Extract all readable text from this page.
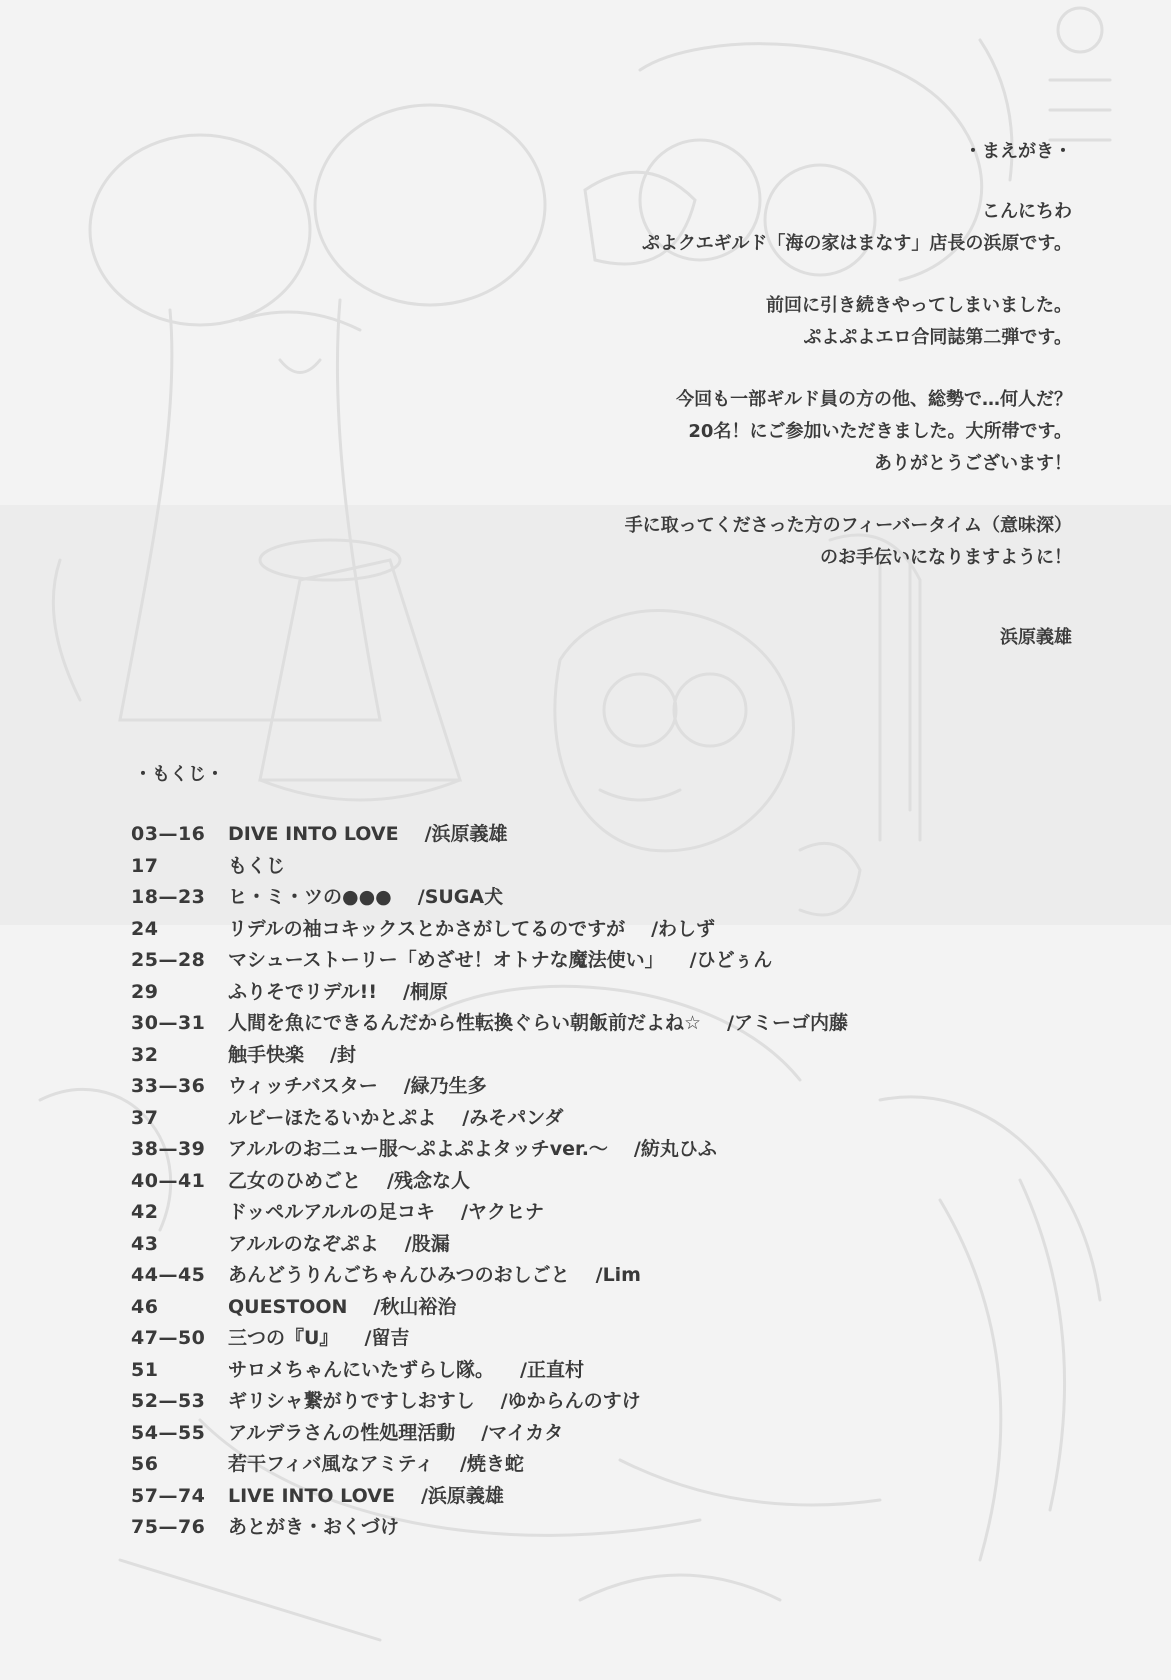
・まえがき・
こんにちわ
ぷよクエギルド「海の家はまなす」店長の浜原です。
前回に引き続きやってしまいました。
ぷよぷよエロ合同誌第二弾です。
今回も一部ギルド員の方の他、総勢で…何人だ？
20名！にご参加いただきました。大所帯です。
ありがとうございます！
手に取ってくださった方のフィーバータイム（意味深）
のお手伝いになりますように！
浜原義雄
・もくじ・
03—16	DIVE INTO LOVE /浜原義雄
17	もくじ
18—23	ヒ・ミ・ツの●●● /SUGA犬
24	リデルの袖コキックスとかさがしてるのですが /わしず
25—28	マシューストーリー「めざせ！オトナな魔法使い」 /ひどぅん
29	ふりそでリデル!! /桐原
30—31	人間を魚にできるんだから性転換ぐらい朝飯前だよね☆ /アミーゴ内藤
32	触手快楽 /封
33—36	ウィッチバスター /緑乃生多
37	ルビーほたるいかとぷよ /みそパンダ
38—39	アルルのお二ュー服～ぷよぷよタッチver.～ /紡丸ひふ
40—41	乙女のひめごと /残念な人
42	ドッペルアルルの足コキ /ヤクヒナ
43	アルルのなぞぷよ /股漏
44—45	あんどうりんごちゃんひみつのおしごと /Lim
46	QUESTOON /秋山裕治
47—50	三つの『U』 /留吉
51	サロメちゃんにいたずらし隊。 /正直村
52—53	ギリシャ繋がりですしおすし /ゆからんのすけ
54—55	アルデラさんの性処理活動 /マイカタ
56	若干フィバ風なアミティ /焼き蛇
57—74	LIVE INTO LOVE /浜原義雄
75—76	あとがき・おくづけ
